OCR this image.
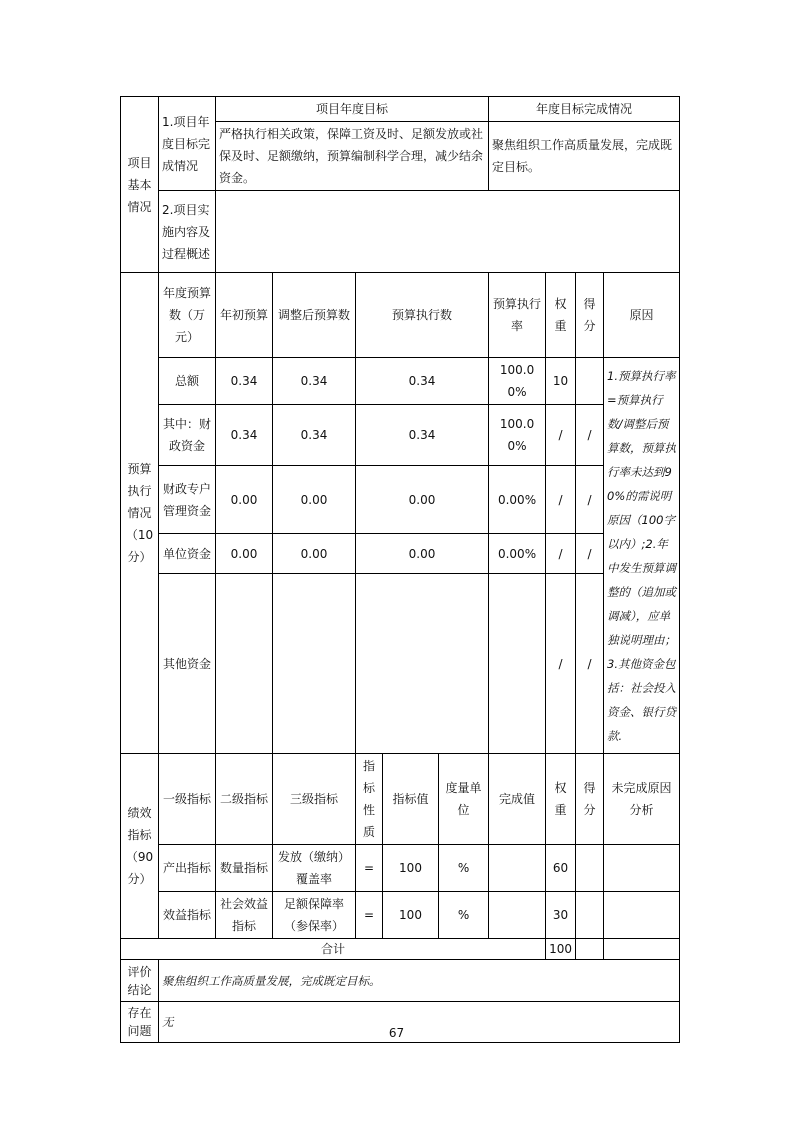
项目基本情况	1.项目年度目标完成情况	项目年度目标					年度目标完成情况			
		严格执行相关政策，保障工资及时、足额发放或社保及时、足额缴纳，预算编制科学合理，减少结余资金。					聚焦组织工作高质量发展，完成既定目标。			
	2.项目实施内容及过程概述									
预算执行情况（10分）	年度预算数（万元）	年初预算	调整后预算数	预算执行数			预算执行率	权重	得分	原因
	总额	0.34	0.34	0.34			100.00%	10		1.预算执行率=预算执行数/调整后预算数，预算执行率未达到90%的需说明原因（100字以内）;2.年中发生预算调整的（追加或调减），应单独说明理由；3.其他资金包括：社会投入资金、银行贷款.
	其中：财政资金	0.34	0.34	0.34			100.00%	/	/	
	财政专户管理资金	0.00	0.00	0.00			0.00%	/	/	
	单位资金	0.00	0.00	0.00			0.00%	/	/	
	其他资金							/	/	
绩效指标（90分）	一级指标	二级指标	三级指标	指标性质	指标值	度量单位	完成值	权重	得分	未完成原因分析
	产出指标	数量指标	发放（缴纳）覆盖率	=	100	%		60		
	效益指标	社会效益指标	足额保障率（参保率）	=	100	%		30		
合计								100		
评价结论	聚焦组织工作高质量发展，完成既定目标。									
存在问题	无									
67
